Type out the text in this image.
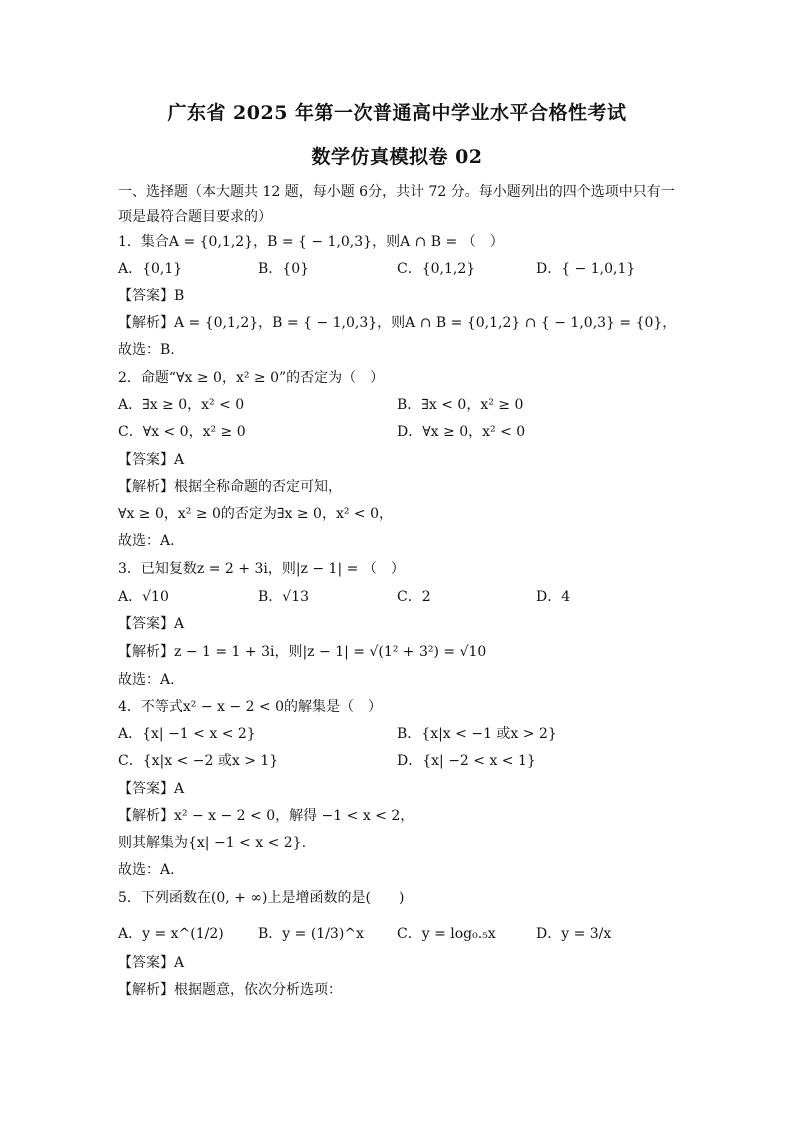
广东省 2025 年第一次普通高中学业水平合格性考试
数学仿真模拟卷 02
一、选择题（本大题共 12 题，每小题 6分，共计 72 分。每小题列出的四个选项中只有一项是最符合题目要求的）
1．集合A = {0,1,2}，B = { − 1,0,3}，则A ∩ B = （　）
A．{0,1}	B．{0}	C．{0,1,2}	D．{ − 1,0,1}
【答案】B
【解析】A = {0,1,2}，B = { − 1,0,3}，则A ∩ B = {0,1,2} ∩ { − 1,0,3} = {0}，
故选：B.
2．命题“∀x ≥ 0，x² ≥ 0”的否定为（　）
A．∃x ≥ 0，x² < 0	B．∃x < 0，x² ≥ 0
C．∀x < 0，x² ≥ 0	D．∀x ≥ 0，x² < 0
【答案】A
【解析】根据全称命题的否定可知，
∀x ≥ 0，x² ≥ 0的否定为∃x ≥ 0，x² < 0，
故选：A.
3．已知复数z = 2 + 3i，则|z − 1| = （　）
A．√10	B．√13	C．2	D．4
【答案】A
【解析】z − 1 = 1 + 3i，则|z − 1| = √(1² + 3²) = √10
故选：A.
4．不等式x² − x − 2 < 0的解集是（　）
A．{x| −1 < x < 2}	B．{x|x < −1 或x > 2}
C．{x|x < −2 或x > 1}	D．{x| −2 < x < 1}
【答案】A
【解析】x² − x − 2 < 0，解得 −1 < x < 2，
则其解集为{x| −1 < x < 2}.
故选：A.
5．下列函数在(0, + ∞)上是增函数的是(　　)
A．y = x^(1/2) B．y = (1/3)^x C．y = log₀.₅x	D．y = 3/x
【答案】A
【解析】根据题意，依次分析选项：
